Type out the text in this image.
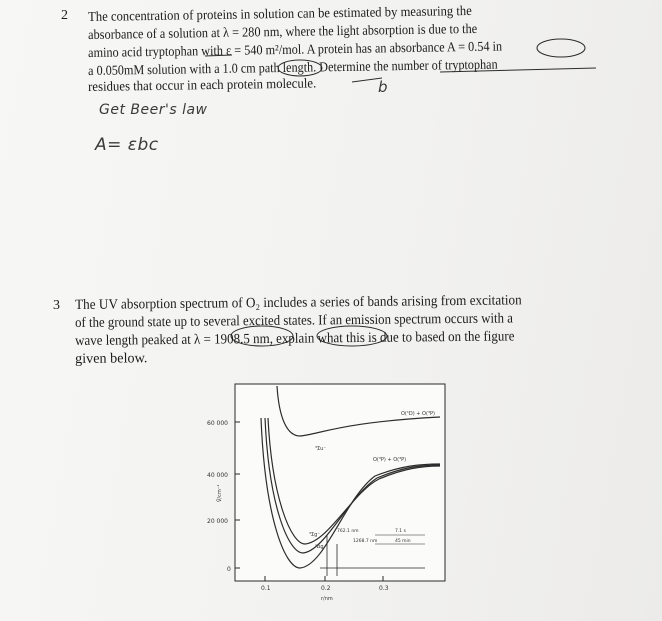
2 The concentration of proteins in solution can be estimated by measuring the
absorbance of a solution at λ = 280 nm, where the light absorption is due to the
amino acid tryptophan with ε = 540 m²/mol. A protein has an absorbance A = 0.54 in
a 0.050mM solution with a 1.0 cm path length. Determine the number of tryptophan
residues that occur in each protein molecule.	b
Get Beer's law
A= εbc
3 The UV absorption spectrum of O₂ includes a series of bands arising from excitation
of the ground state up to several excited states. If an emission spectrum occurs with a
wave length peaked at λ = 1908.5 nm, explain what this is due to based on the figure
given below.
60 000
40 000
20 000
0
0.1	0.2	0.3
r/nm
Ṽ/cm⁻¹
O(¹D) + O(³P)
O(³P) + O(³P)
³Σu⁻
³Σg⁻
¹Δg
762.1 nm
1268.7 nm
7.1 s
45 min
